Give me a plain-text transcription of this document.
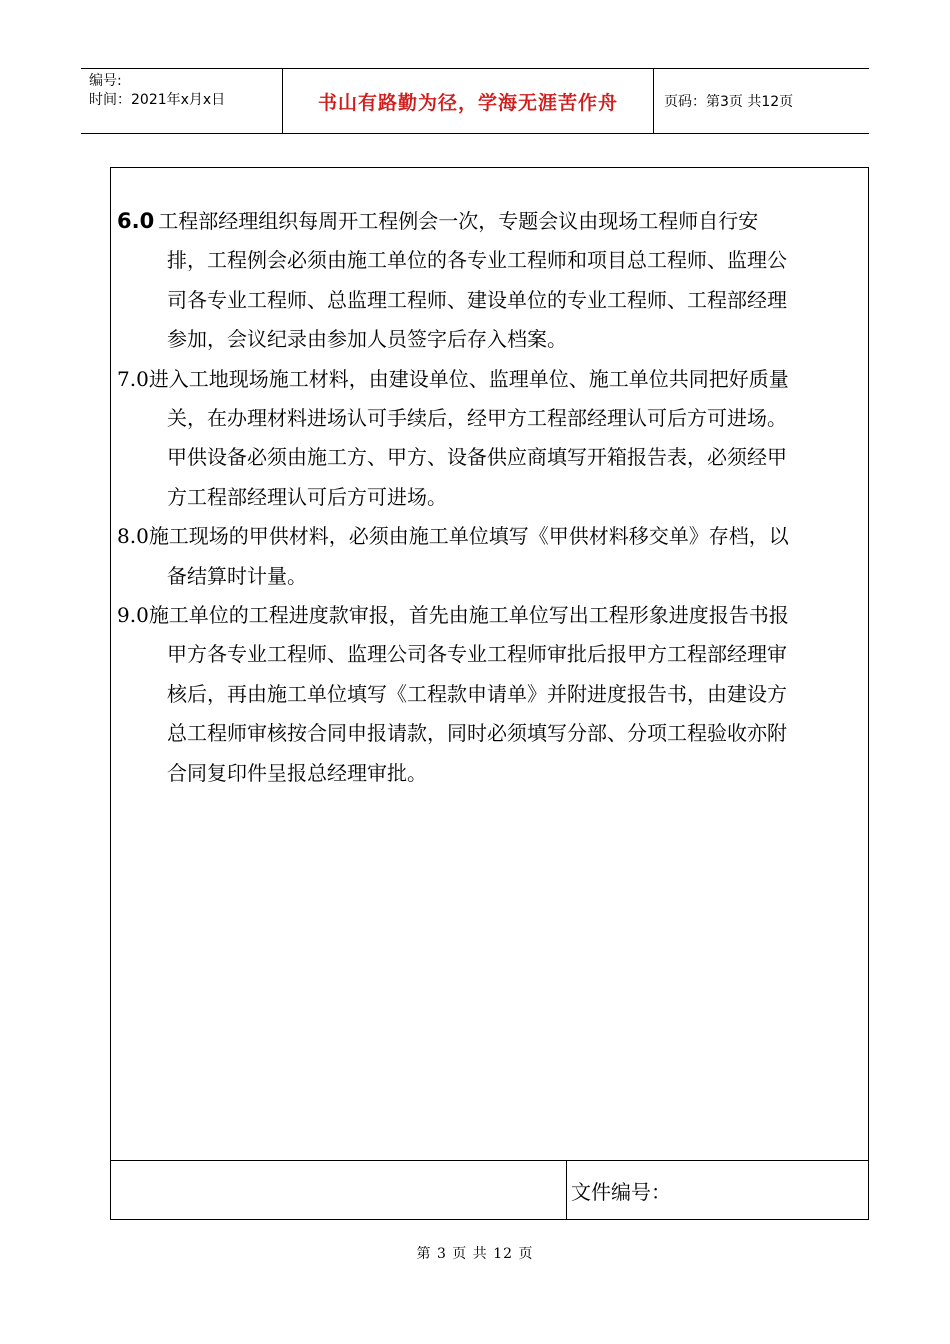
编号:
时间：2021年x月x日	书山有路勤为径，学海无涯苦作舟	页码：第3页 共12页
6.0 工程部经理组织每周开工程例会一次，专题会议由现场工程师自行安
排，工程例会必须由施工单位的各专业工程师和项目总工程师、监理公
司各专业工程师、总监理工程师、建设单位的专业工程师、工程部经理
参加，会议纪录由参加人员签字后存入档案。
7.0 进入工地现场施工材料，由建设单位、监理单位、施工单位共同把好质量
关，在办理材料进场认可手续后，经甲方工程部经理认可后方可进场。
甲供设备必须由施工方、甲方、设备供应商填写开箱报告表，必须经甲
方工程部经理认可后方可进场。
8.0 施工现场的甲供材料，必须由施工单位填写《甲供材料移交单》存档，以
备结算时计量。
9.0 施工单位的工程进度款审报，首先由施工单位写出工程形象进度报告书报
甲方各专业工程师、监理公司各专业工程师审批后报甲方工程部经理审
核后，再由施工单位填写《工程款申请单》并附进度报告书，由建设方
总工程师审核按合同申报请款，同时必须填写分部、分项工程验收亦附
合同复印件呈报总经理审批。
文件编号：
第 3 页 共 12 页
